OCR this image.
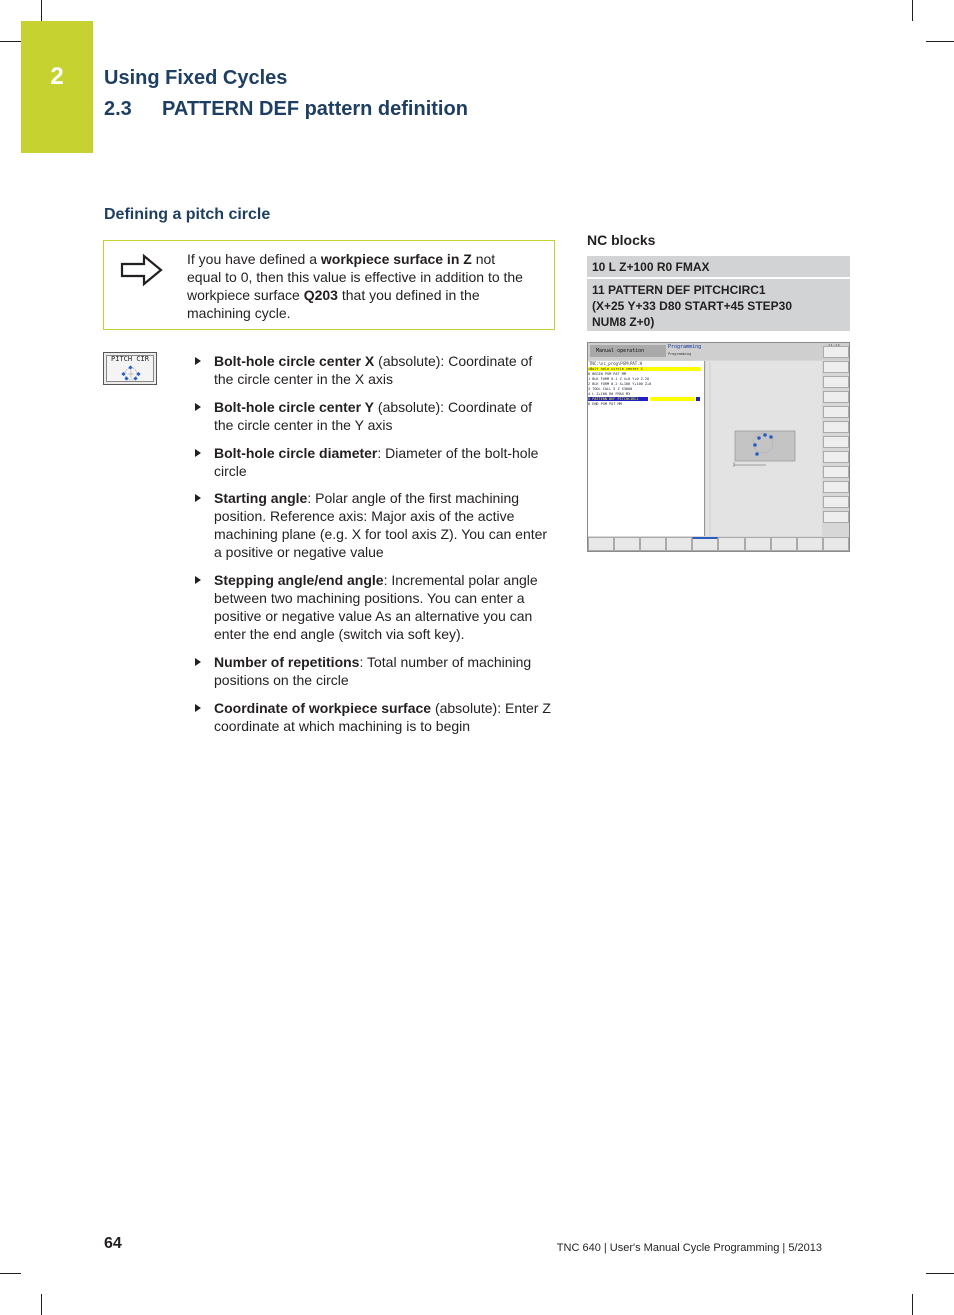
2	Using Fixed Cycles
2.3 PATTERN DEF pattern definition
Defining a pitch circle
If you have defined a workpiece surface in Z not equal to 0, then this value is effective in addition to the workpiece surface Q203 that you defined in the machining cycle.
PITCH CIR	Bolt-hole circle center X (absolute): Coordinate of the circle center in the X axis
Bolt-hole circle center Y (absolute): Coordinate of the circle center in the Y axis
Bolt-hole circle diameter: Diameter of the bolt-hole circle
Starting angle: Polar angle of the first machining position. Reference axis: Major axis of the active machining plane (e.g. X for tool axis Z). You can enter a positive or negative value
Stepping angle/end angle: Incremental polar angle between two machining positions. You can enter a positive or negative value As an alternative you can enter the end angle (switch via soft key).
Number of repetitions: Total number of machining positions on the circle
Coordinate of workpiece surface (absolute): Enter Z coordinate at which machining is to begin
NC blocks
10 L Z+100 R0 FMAX
11 PATTERN DEF PITCHCIRC1
(X+25 Y+33 D80 START+45 STEP30
NUM8 Z+0)
Manual operation
Programming
Programming
TNC:\nc_prog\PGM\PAT.H
=Bolt hole circle center X
0 BEGIN PGM PAT MM
1 BLK FORM 0.1 Z X+0 Y+0 Z-20
2 BLK FORM 0.2 X+100 Y+100 Z+0
3 TOOL CALL 5 Z S3000
4 L Z+100 R0 FMAX M3
5 PATTERN DEF PITCHCIRC1
6 END PGM PAT MM
64	TNC 640 | User's Manual Cycle Programming | 5/2013
